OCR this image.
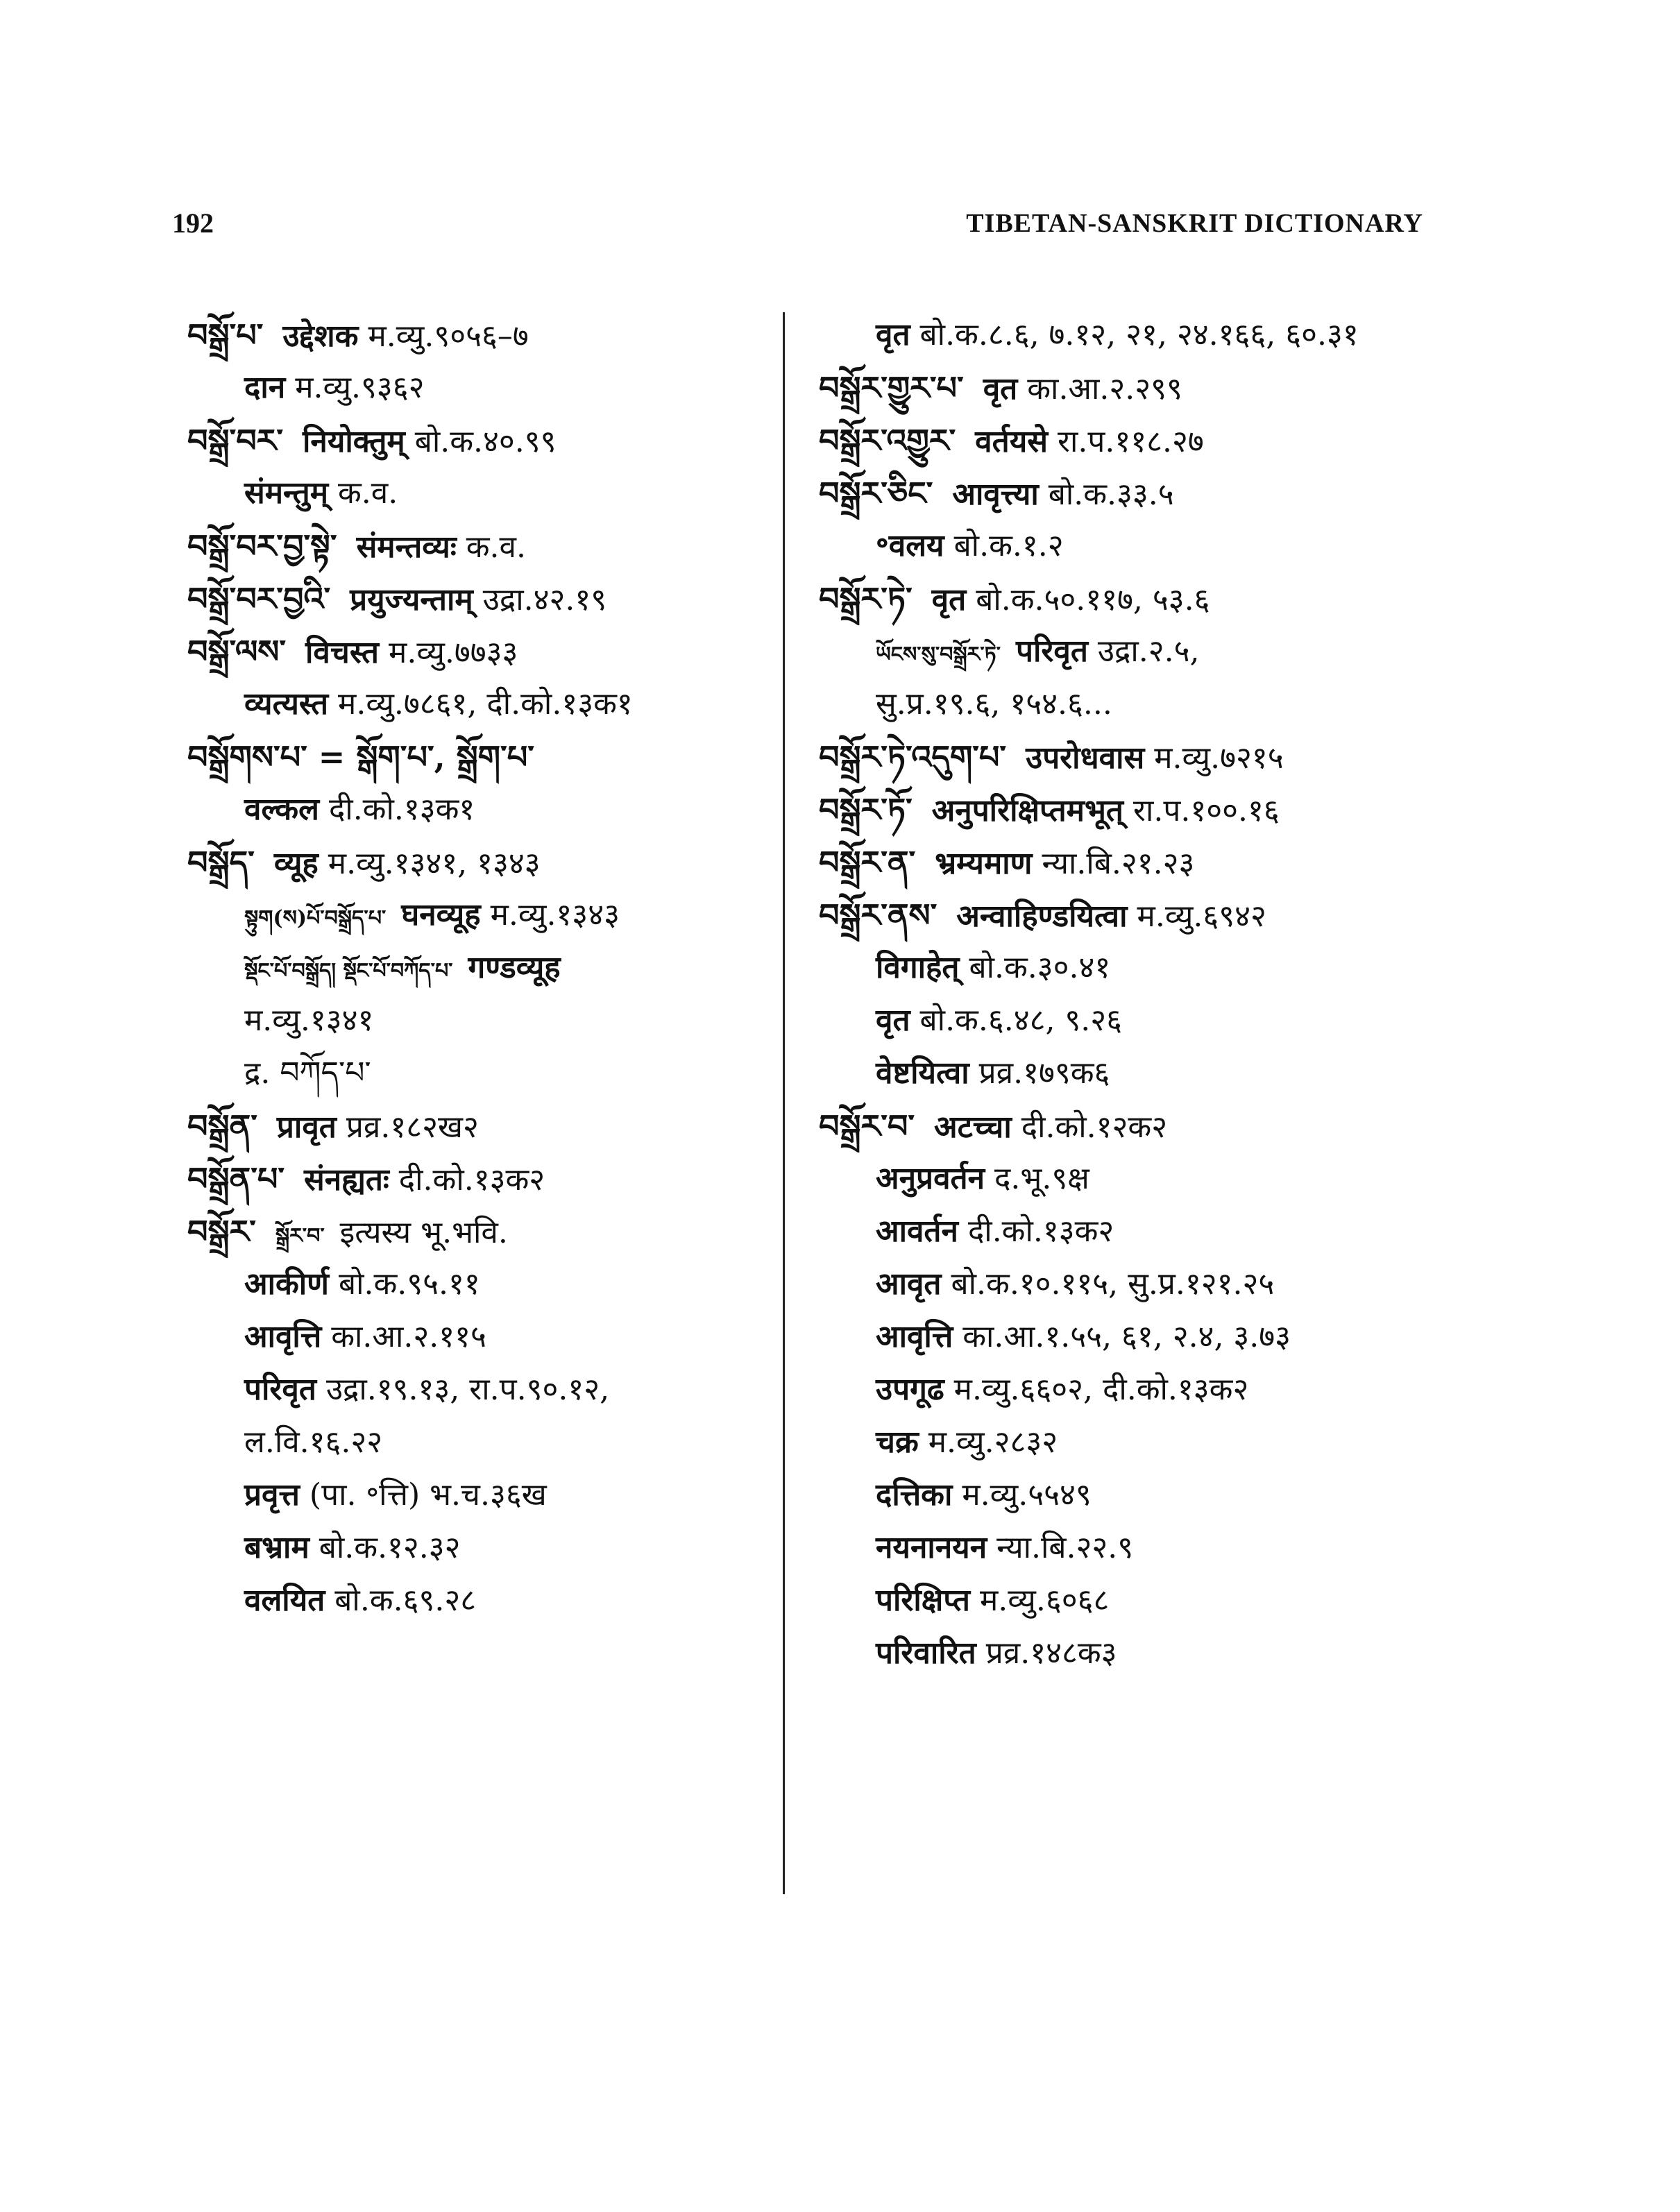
192	TIBETAN-SANSKRIT DICTIONARY
བསྒྲོ་པ་ उद्देशक म.व्यु.९०५६–७
दान म.व्यु.९३६२
བསྒྲོ་བར་ नियोक्तुम् बो.क.४०.९९
संमन्तुम् क.व.
བསྒྲོ་བར་བྱ་སྟེ་ संमन्तव्यः क.व.
བསྒྲོ་བར་བྱའི་ प्रयुज्यन्ताम् उद्रा.४२.१९
བསྒྲོ་ལས་ विचस्त म.व्यु.७७३३
व्यत्यस्त म.व्यु.७८६१, दी.को.१३क१
བསྒྲོགས་པ་ = སྒོག་པ་, སྒྲོག་པ་
वल्कल दी.को.१३क१
བསྒྲོད་ व्यूह म.व्यु.१३४१, १३४३
སྟུག(ས)པོ་བསྒྲོད་པ་ घनव्यूह म.व्यु.१३४३
སྡོང་པོ་བསྒྲོད། སྡོང་པོ་བཀོད་པ་ गण्डव्यूह
म.व्यु.१३४१
द्र. བཀོད་པ་
བསྒྲོན་ प्रावृत प्रव्र.१८२ख२
བསྒྲོན་པ་ संनह्यतः दी.को.१३क२
བསྒྲོར་ སྒྲོར་བ་ इत्यस्य भू.भवि.
आकीर्ण बो.क.९५.११
आवृत्ति का.आ.२.११५
परिवृत उद्रा.१९.१३, रा.प.९०.१२,
ल.वि.१६.२२
प्रवृत्त (पा. ॰त्ति) भ.च.३६ख
बभ्राम बो.क.१२.३२
वलयित बो.क.६९.२८
वृत बो.क.८.६, ७.१२, २१, २४.१६६, ६०.३१
བསྒྲོར་གྱུར་པ་ वृत का.आ.२.२९९
བསྒྲོར་འགྱུར་ वर्तयसे रा.प.११८.२७
བསྒྲོར་ཅིང་ आवृत्त्या बो.क.३३.५
॰वलय बो.क.१.२
བསྒྲོར་ཏེ་ वृत बो.क.५०.११७, ५३.६
ཡོངས་སུ་བསྒྲོར་ཏེ་ परिवृत उद्रा.२.५,
सु.प्र.१९.६, १५४.६...
བསྒྲོར་ཏེ་འདུག་པ་ उपरोधवास म.व्यु.७२१५
བསྒྲོར་ཏོ་ अनुपरिक्षिप्तमभूत् रा.प.१००.१६
བསྒྲོར་ན་ भ्रम्यमाण न्या.बि.२१.२३
བསྒྲོར་ནས་ अन्वाहिण्डयित्वा म.व्यु.६९४२
विगाहेत् बो.क.३०.४१
वृत बो.क.६.४८, ९.२६
वेष्टयित्वा प्रव्र.१७९क६
བསྒྲོར་བ་ अटच्चा दी.को.१२क२
अनुप्रवर्तन द.भू.९क्ष
आवर्तन दी.को.१३क२
आवृत बो.क.१०.११५, सु.प्र.१२१.२५
आवृत्ति का.आ.१.५५, ६१, २.४, ३.७३
उपगूढ म.व्यु.६६०२, दी.को.१३क२
चक्र म.व्यु.२८३२
दत्तिका म.व्यु.५५४९
नयनानयन न्या.बि.२२.९
परिक्षिप्त म.व्यु.६०६८
परिवारित प्रव्र.१४८क३
